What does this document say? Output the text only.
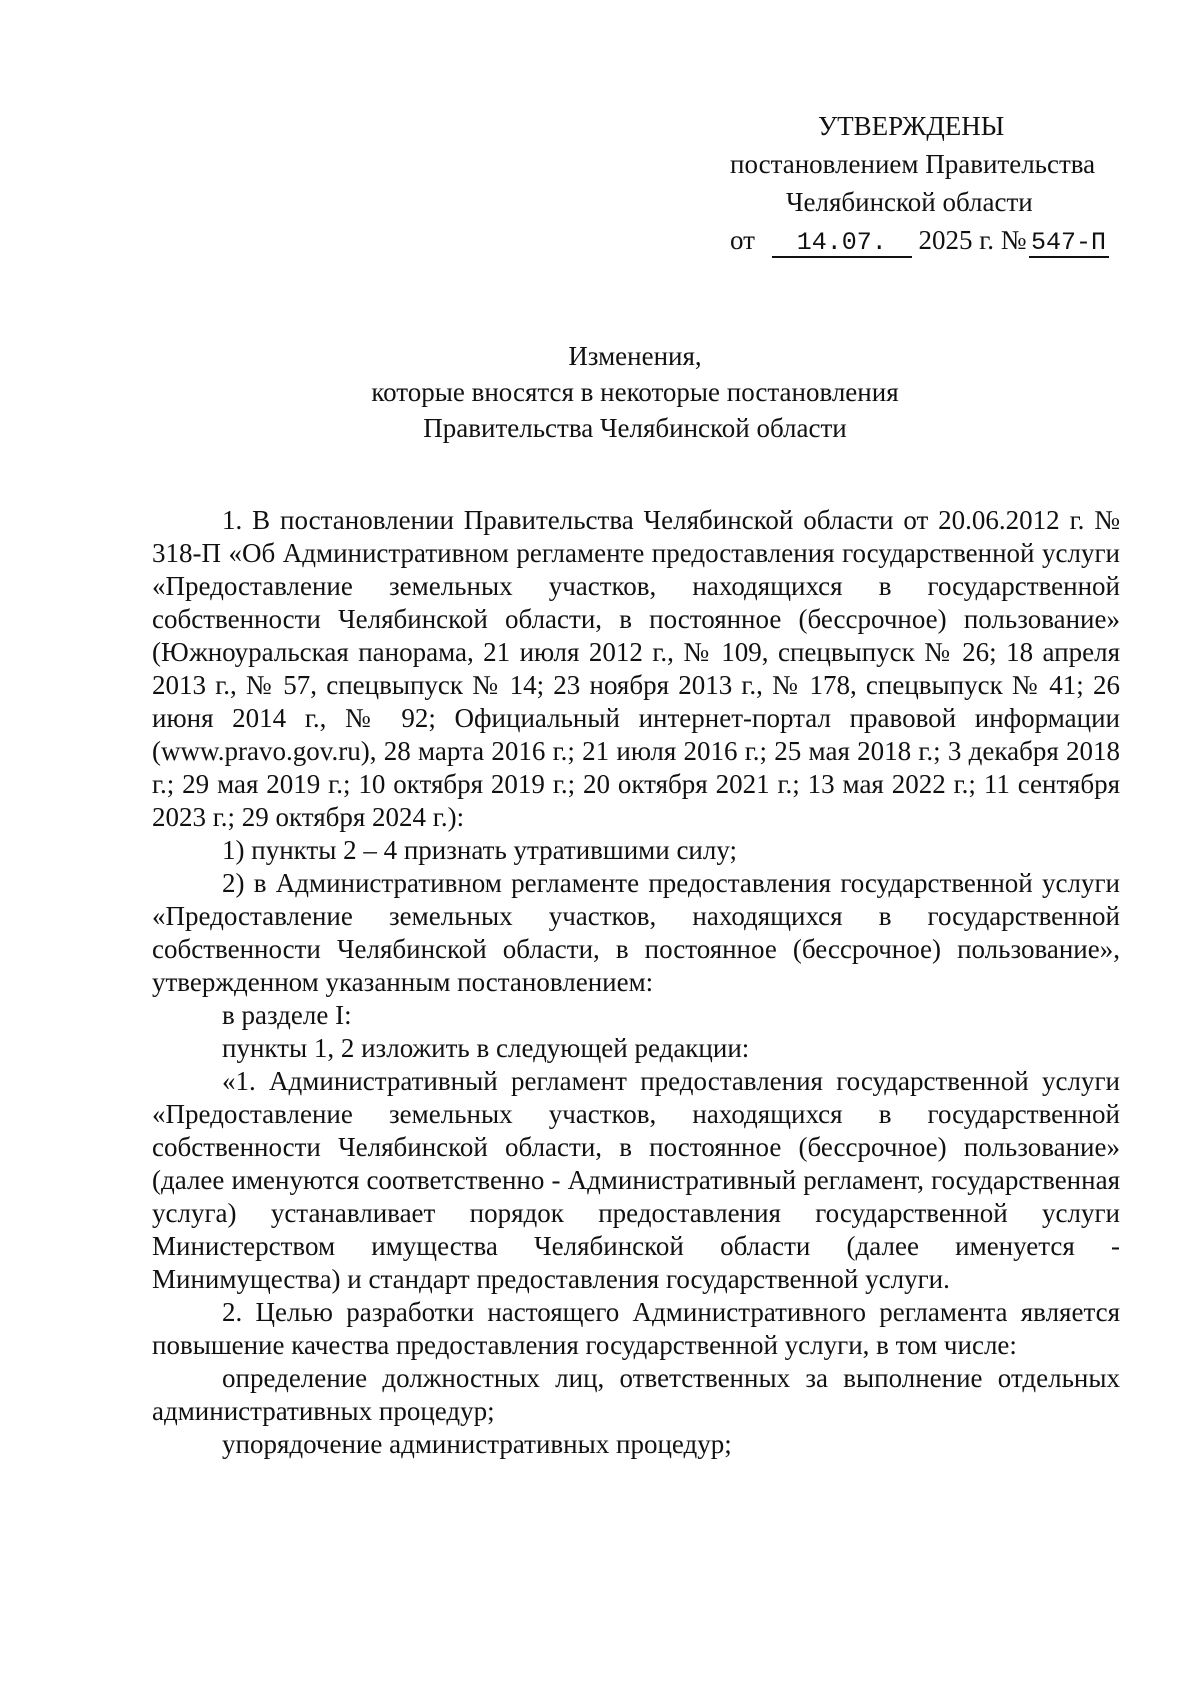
УТВЕРЖДЕНЫ
постановлением Правительства
Челябинской области
от 14.07. 2025 г. № 547-П
Изменения,
которые вносятся в некоторые постановления
Правительства Челябинской области

1. В постановлении Правительства Челябинской области от 20.06.2012 г. № 318-П «Об Административном регламенте предоставления государственной услуги «Предоставление земельных участков, находящихся в государственной собственности Челябинской области, в постоянное (бессрочное) пользование» (Южноуральская панорама, 21 июля 2012 г., № 109, спецвыпуск № 26; 18 апреля 2013 г., № 57, спецвыпуск № 14; 23 ноября 2013 г., № 178, спецвыпуск № 41; 26 июня 2014 г., № 92; Официальный интернет-портал правовой информации (www.pravo.gov.ru), 28 марта 2016 г.; 21 июля 2016 г.; 25 мая 2018 г.; 3 декабря 2018 г.; 29 мая 2019 г.; 10 октября 2019 г.; 20 октября 2021 г.; 13 мая 2022 г.; 11 сентября 2023 г.; 29 октября 2024 г.):

1) пункты 2 – 4 признать утратившими силу;

2) в Административном регламенте предоставления государственной услуги «Предоставление земельных участков, находящихся в государственной собственности Челябинской области, в постоянное (бессрочное) пользование», утвержденном указанным постановлением:

в разделе I:

пункты 1, 2 изложить в следующей редакции:

«1. Административный регламент предоставления государственной услуги «Предоставление земельных участков, находящихся в государственной собственности Челябинской области, в постоянное (бессрочное) пользование» (далее именуются соответственно - Административный регламент, государственная услуга) устанавливает порядок предоставления государственной услуги Министерством имущества Челябинской области (далее именуется - Минимущества) и стандарт предоставления государственной услуги.

2. Целью разработки настоящего Административного регламента является повышение качества предоставления государственной услуги, в том числе:

определение должностных лиц, ответственных за выполнение отдельных административных процедур;

упорядочение административных процедур;
